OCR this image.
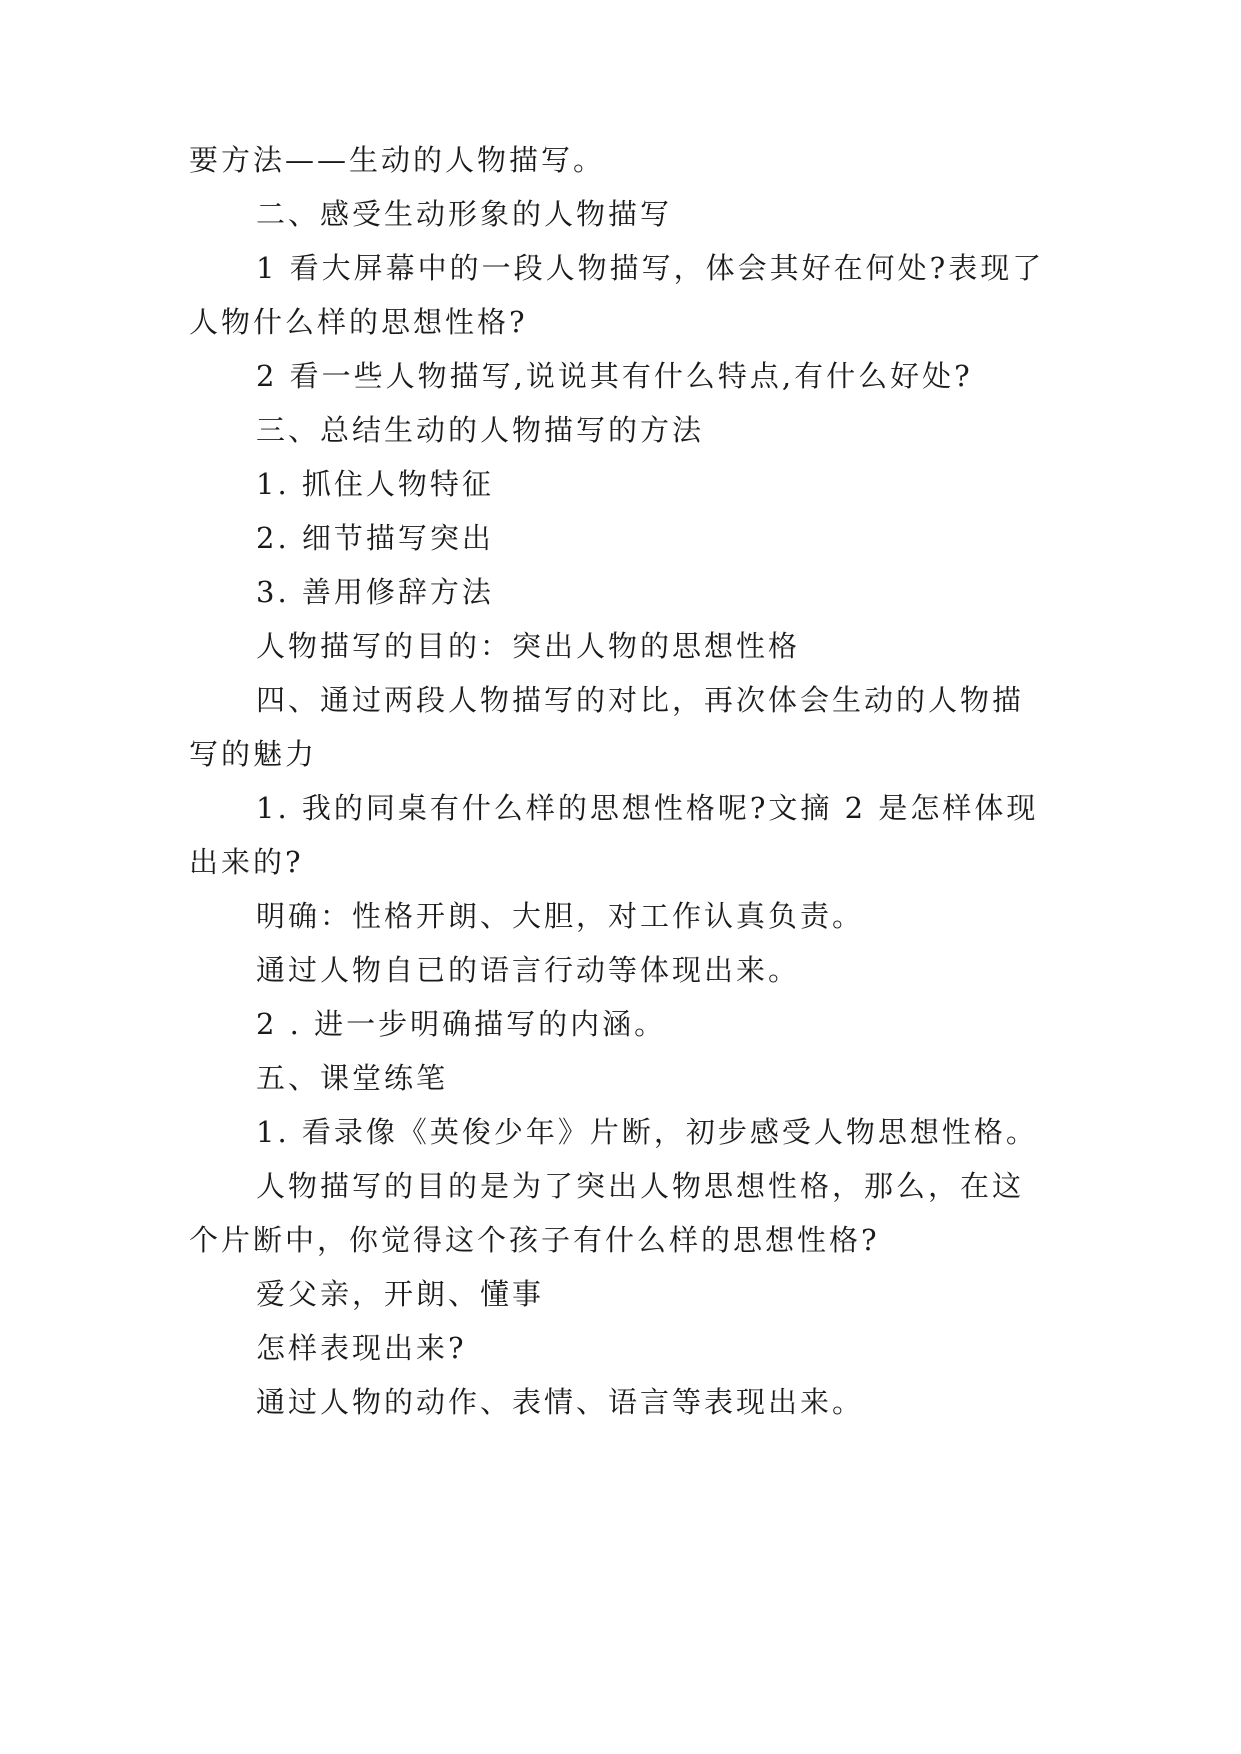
要方法——生动的人物描写。
二、感受生动形象的人物描写
1 看大屏幕中的一段人物描写，体会其好在何处?表现了
人物什么样的思想性格?
2 看一些人物描写,说说其有什么特点,有什么好处?
三、总结生动的人物描写的方法
1. 抓住人物特征
2. 细节描写突出
3. 善用修辞方法
人物描写的目的：突出人物的思想性格
四、通过两段人物描写的对比，再次体会生动的人物描
写的魅力
1. 我的同桌有什么样的思想性格呢?文摘 2 是怎样体现
出来的?
明确：性格开朗、大胆，对工作认真负责。
通过人物自已的语言行动等体现出来。
2 . 进一步明确描写的内涵。
五、课堂练笔
1. 看录像《英俊少年》片断，初步感受人物思想性格。
人物描写的目的是为了突出人物思想性格，那么，在这
个片断中，你觉得这个孩子有什么样的思想性格?
爱父亲，开朗、懂事
怎样表现出来?
通过人物的动作、表情、语言等表现出来。
